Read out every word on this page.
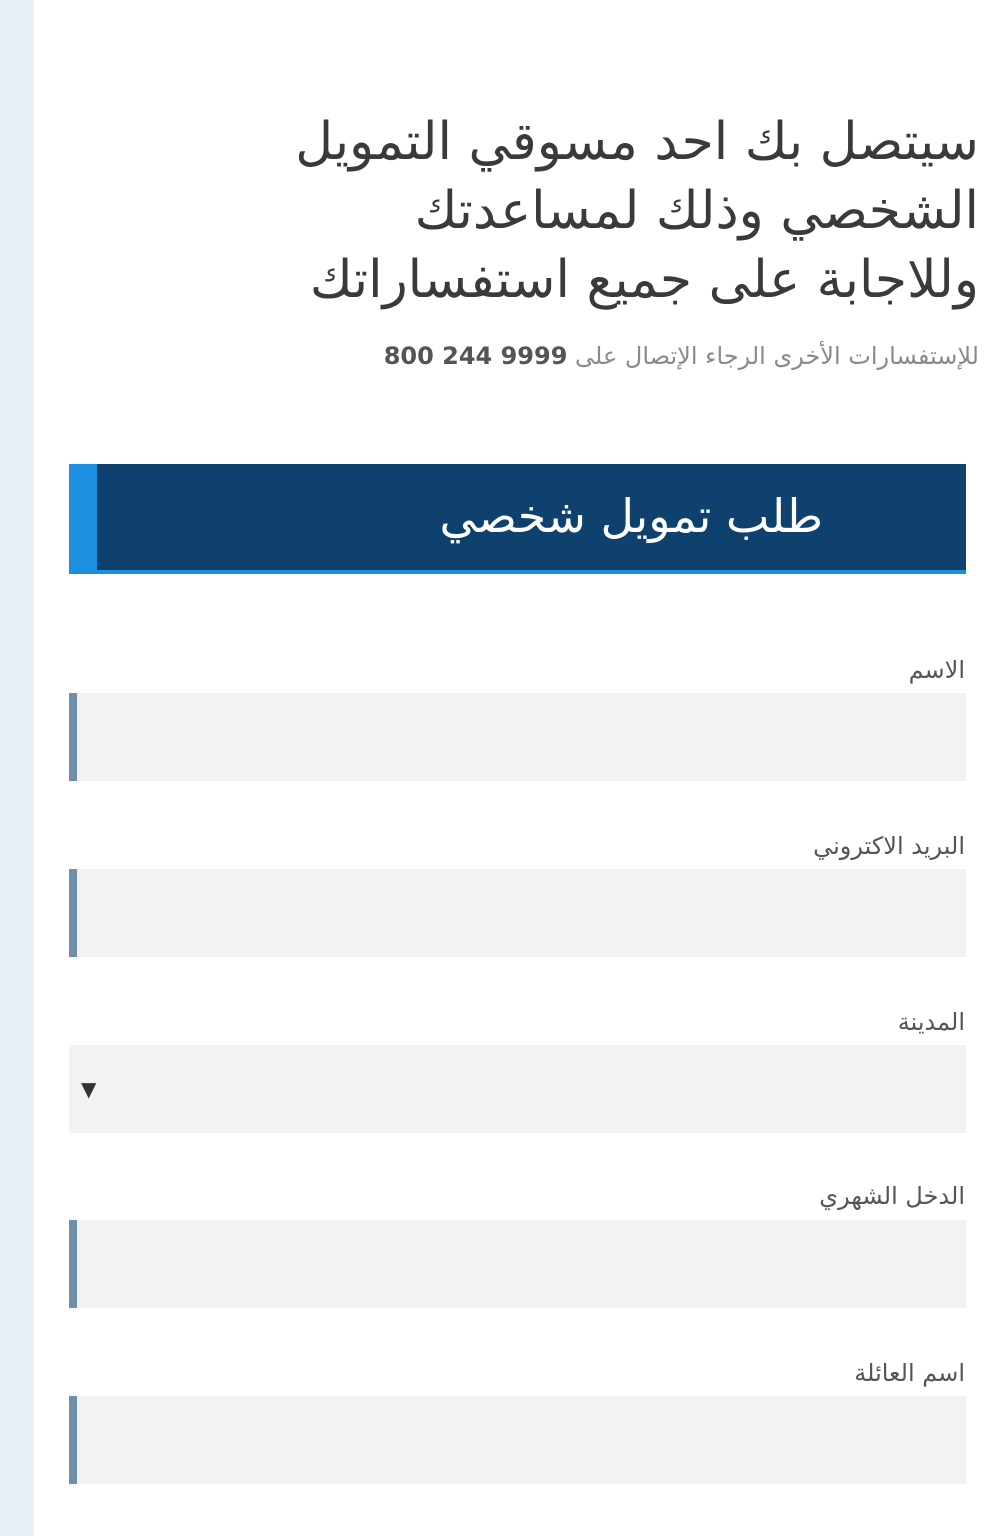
سيتصل بك احد مسوقي التمويل
الشخصي وذلك لمساعدتك
وللاجابة على جميع استفساراتك
للإستفسارات الأخرى الرجاء الإتصال على 800 244 9999
طلب تمويل شخصي
الاسم
البريد الاكتروني
المدينة
▼
الدخل الشهري
اسم العائلة
